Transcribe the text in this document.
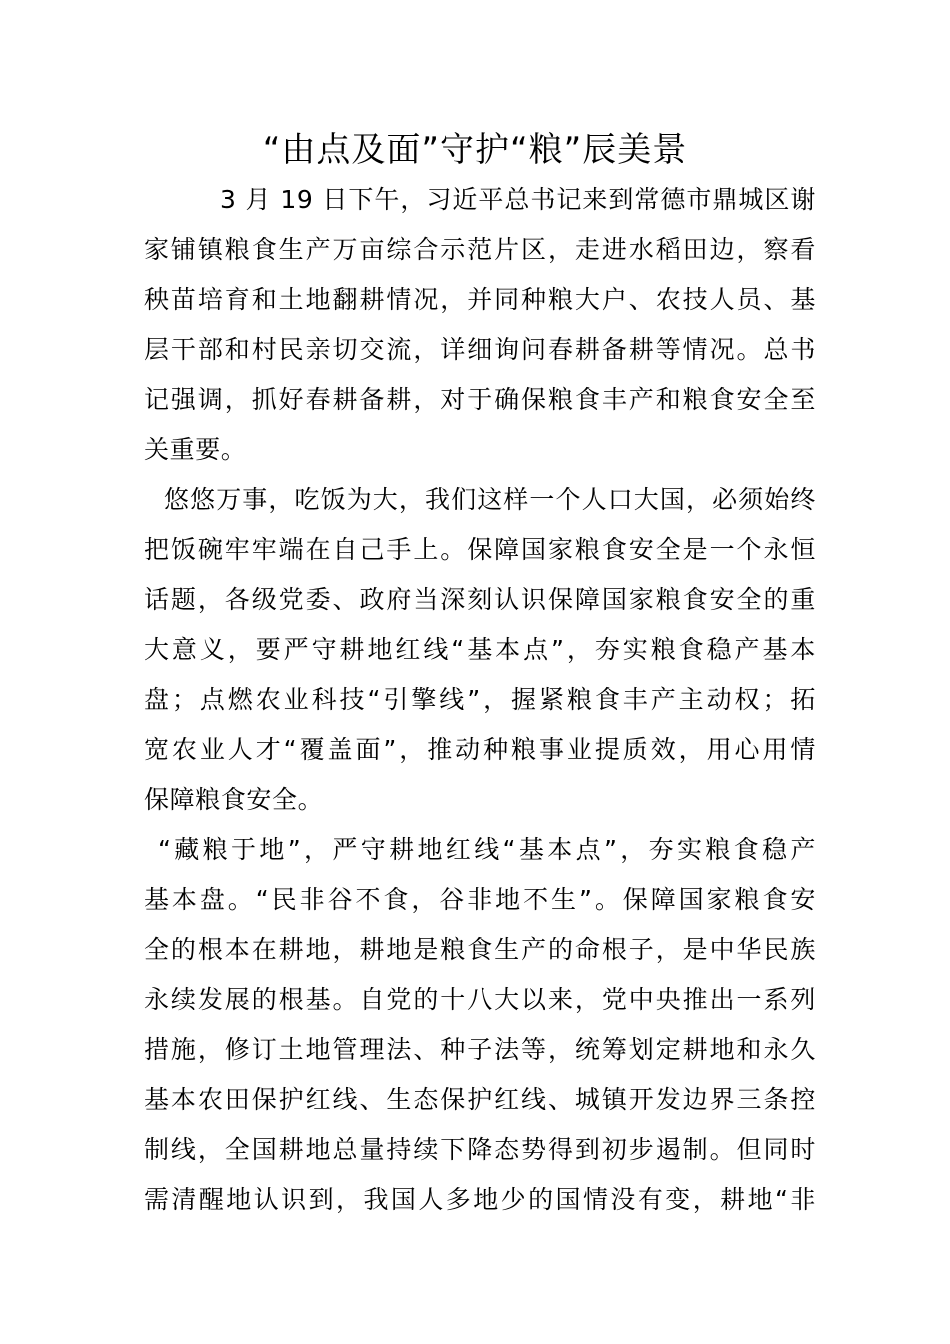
“由点及面”守护“粮”辰美景
3 月 19 日下午，习近平总书记来到常德市鼎城区谢
家铺镇粮食生产万亩综合示范片区，走进水稻田边，察看
秧苗培育和土地翻耕情况，并同种粮大户、农技人员、基
层干部和村民亲切交流，详细询问春耕备耕等情况。总书
记强调，抓好春耕备耕，对于确保粮食丰产和粮食安全至
关重要。
悠悠万事，吃饭为大，我们这样一个人口大国，必须始终
把饭碗牢牢端在自己手上。保障国家粮食安全是一个永恒
话题，各级党委、政府当深刻认识保障国家粮食安全的重
大意义，要严守耕地红线“基本点”，夯实粮食稳产基本
盘；点燃农业科技“引擎线”，握紧粮食丰产主动权；拓
宽农业人才“覆盖面”，推动种粮事业提质效，用心用情
保障粮食安全。
“藏粮于地”，严守耕地红线“基本点”，夯实粮食稳产
基本盘。“民非谷不食，谷非地不生”。保障国家粮食安
全的根本在耕地，耕地是粮食生产的命根子，是中华民族
永续发展的根基。自党的十八大以来，党中央推出一系列
措施，修订土地管理法、种子法等，统筹划定耕地和永久
基本农田保护红线、生态保护红线、城镇开发边界三条控
制线，全国耕地总量持续下降态势得到初步遏制。但同时
需清醒地认识到，我国人多地少的国情没有变，耕地“非
